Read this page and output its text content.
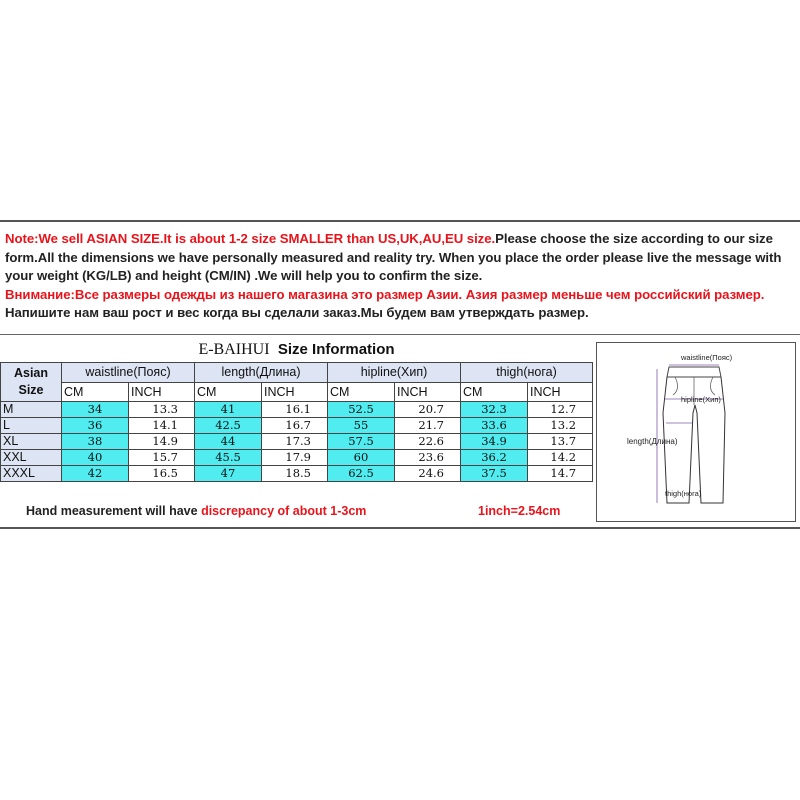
Note:We sell ASIAN SIZE.It is about 1-2 size SMALLER than US,UK,AU,EU size.Please choose the size according to our size form.All the dimensions we have personally measured and reality try. When you place the order please live the message with your weight (KG/LB) and height (CM/IN) .We will help you to confirm the size.
Внимание:Все размеры одежды из нашего магазина это размер Азии. Азия размер меньше чем российский размер. Напишите нам ваш рост и вес когда вы сделали заказ.Мы будем вам утверждать размер.
E-BAIHUI Size Information								
Asian Size	waistline(Пояс)		length(Длина)		hipline(Хип)		thigh(нога)	
	CM	INCH	CM	INCH	CM	INCH	CM	INCH
M	34	13.3	41	16.1	52.5	20.7	32.3	12.7
L	36	14.1	42.5	16.7	55	21.7	33.6	13.2
XL	38	14.9	44	17.3	57.5	22.6	34.9	13.7
XXL	40	15.7	45.5	17.9	60	23.6	36.2	14.2
XXXL	42	16.5	47	18.5	62.5	24.6	37.5	14.7
Hand measurement will have discrepancy of about 1-3cm	1inch=2.54cm
waistline(Пояс)
hipline(Хип)
length(Длина)
thigh(нога)
